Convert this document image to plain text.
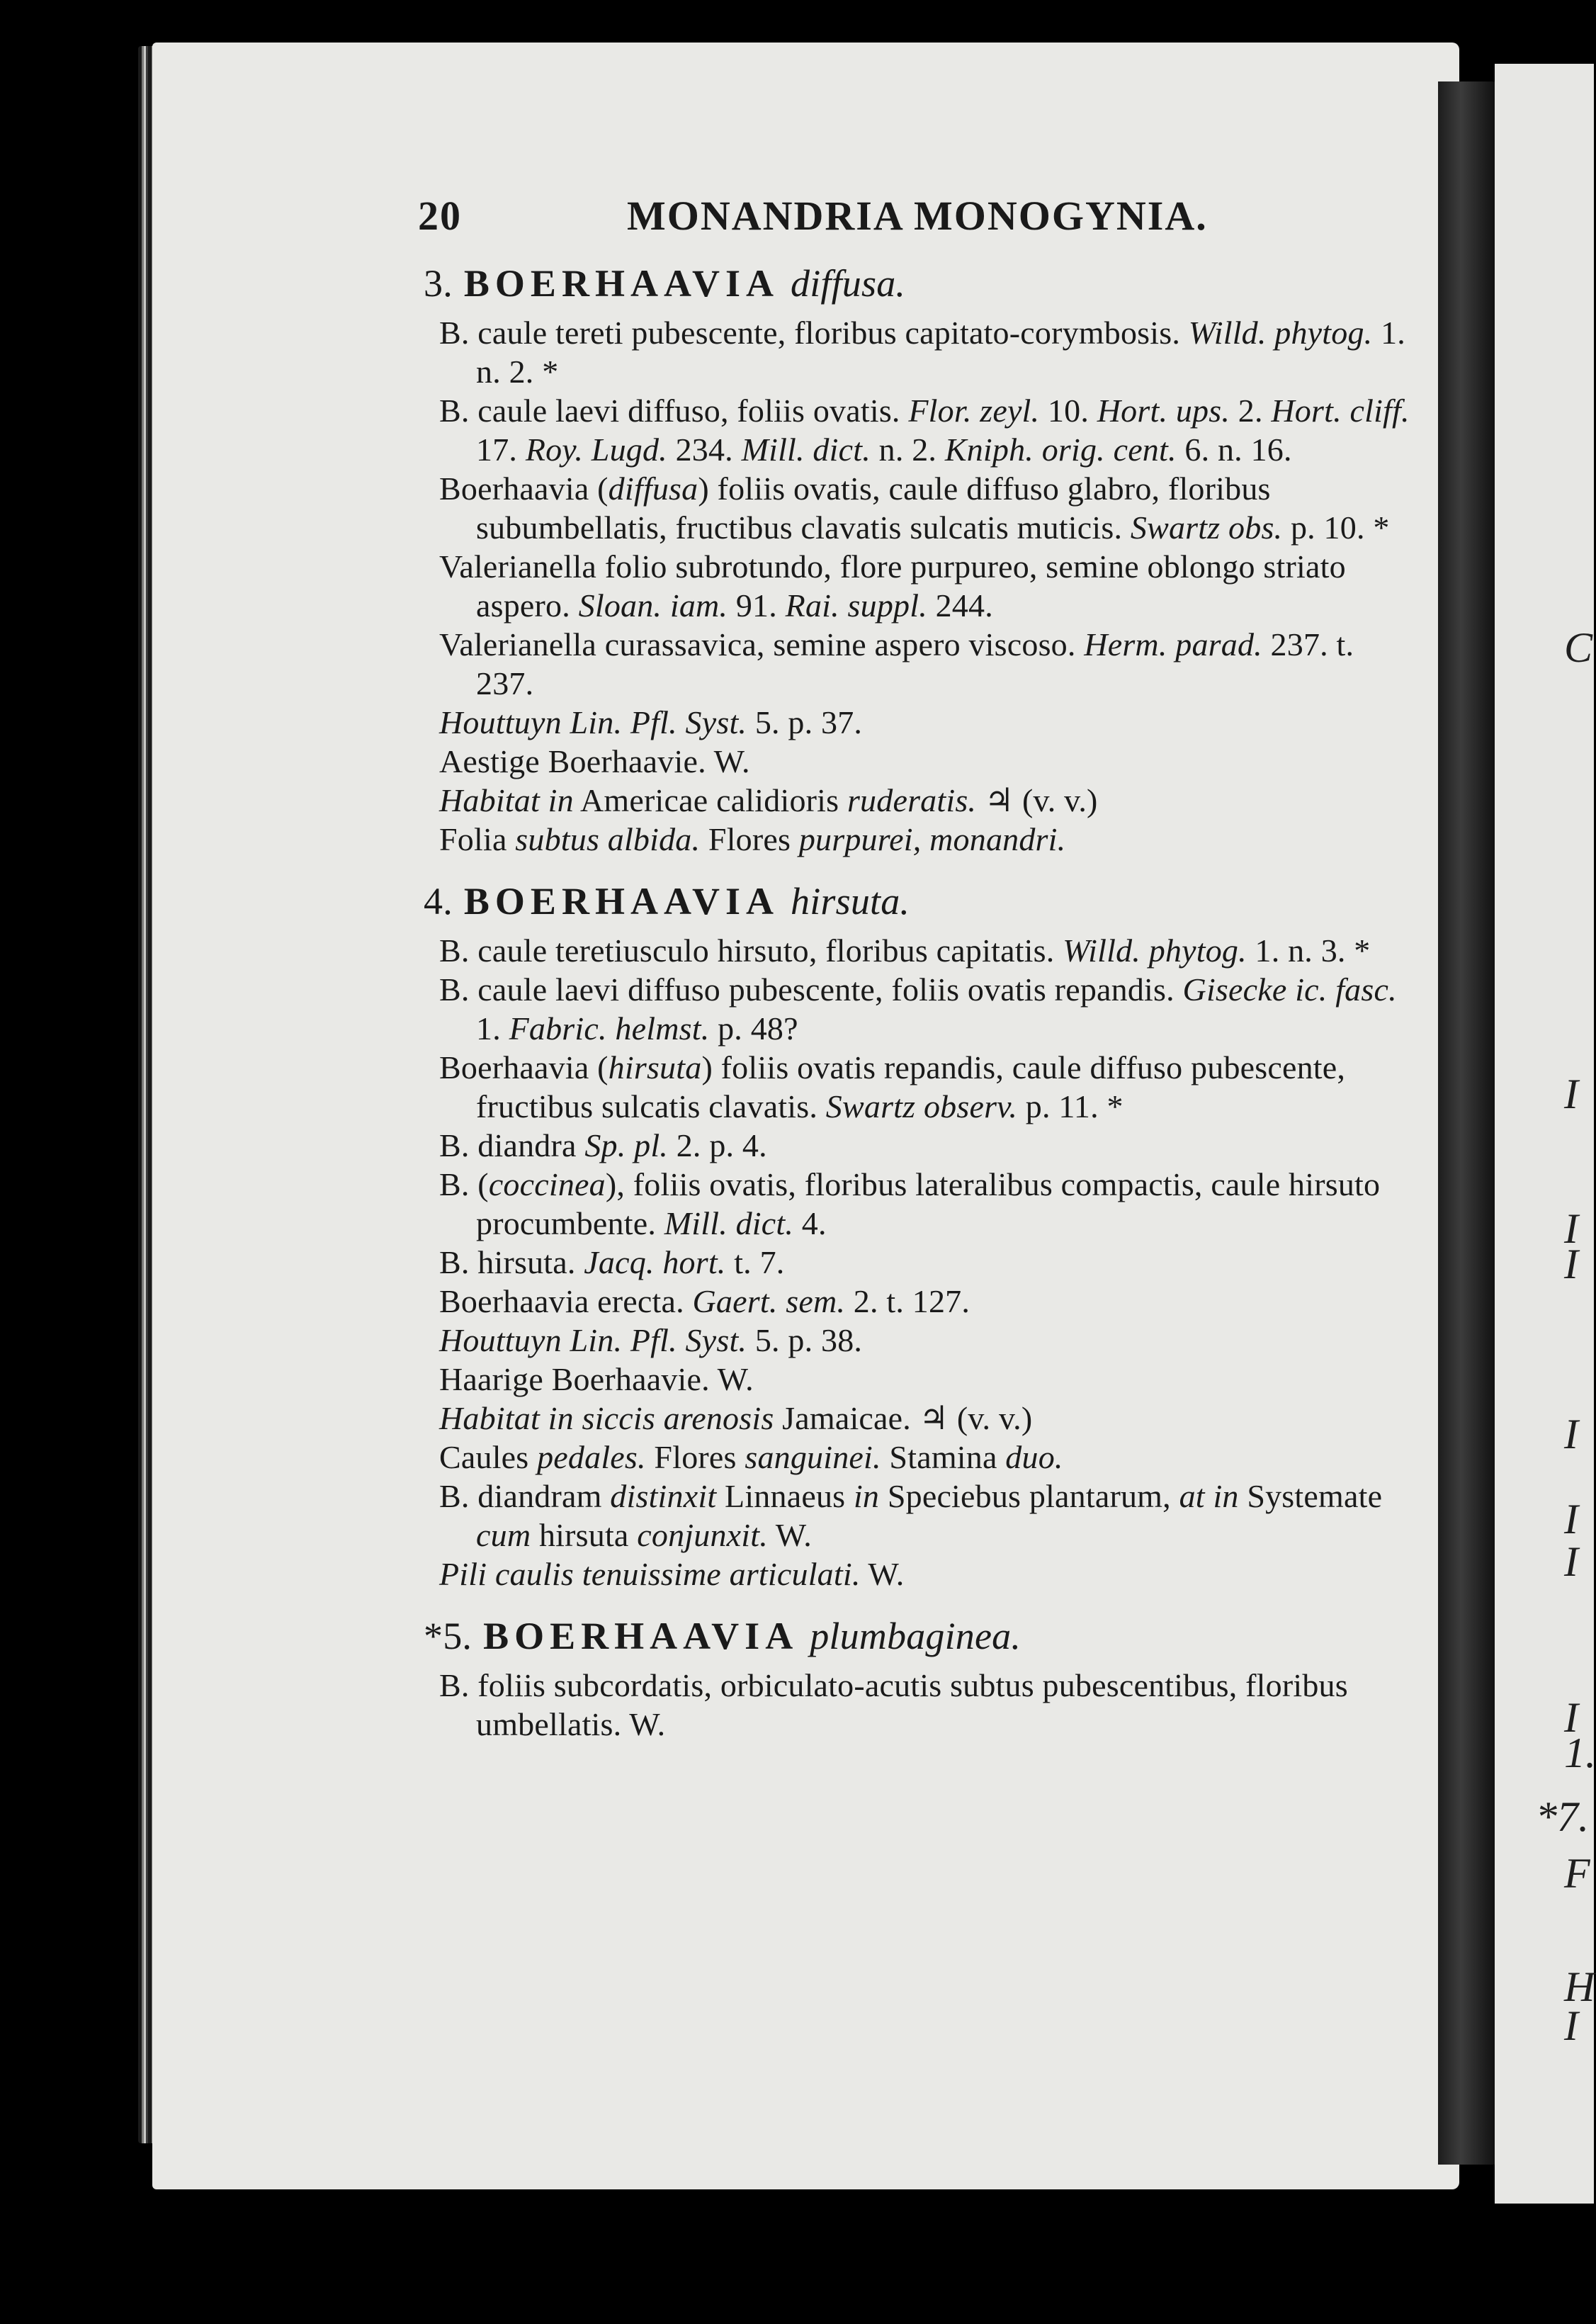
C
I
I
I
I
I
I
I
1.
*7.
F
H
I
20	MONANDRIA MONOGYNIA.
3. BOERHAAVIA diffusa.
B. caule tereti pubescente, floribus capitato-corymbosis. Willd. phytog. 1. n. 2. *
B. caule laevi diffuso, foliis ovatis. Flor. zeyl. 10. Hort. ups. 2. Hort. cliff. 17. Roy. Lugd. 234. Mill. dict. n. 2. Kniph. orig. cent. 6. n. 16.
Boerhaavia (diffusa) foliis ovatis, caule diffuso glabro, floribus subumbellatis, fructibus clavatis sulcatis muticis. Swartz obs. p. 10. *
Valerianella folio subrotundo, flore purpureo, semine oblongo striato aspero. Sloan. iam. 91. Rai. suppl. 244.
Valerianella curassavica, semine aspero viscoso. Herm. parad. 237. t. 237.
Houttuyn Lin. Pfl. Syst. 5. p. 37.
Aestige Boerhaavie. W.
Habitat in Americae calidioris ruderatis. ♃ (v. v.)
Folia subtus albida. Flores purpurei, monandri.
4. BOERHAAVIA hirsuta.
B. caule teretiusculo hirsuto, floribus capitatis. Willd. phytog. 1. n. 3. *
B. caule laevi diffuso pubescente, foliis ovatis repandis. Gisecke ic. fasc. 1. Fabric. helmst. p. 48?
Boerhaavia (hirsuta) foliis ovatis repandis, caule diffuso pubescente, fructibus sulcatis clavatis. Swartz observ. p. 11. *
B. diandra Sp. pl. 2. p. 4.
B. (coccinea), foliis ovatis, floribus lateralibus compactis, caule hirsuto procumbente. Mill. dict. 4.
B. hirsuta. Jacq. hort. t. 7.
Boerhaavia erecta. Gaert. sem. 2. t. 127.
Houttuyn Lin. Pfl. Syst. 5. p. 38.
Haarige Boerhaavie. W.
Habitat in siccis arenosis Jamaicae. ♃ (v. v.)
Caules pedales. Flores sanguinei. Stamina duo.
B. diandram distinxit Linnaeus in Speciebus plantarum, at in Systemate cum hirsuta conjunxit. W.
Pili caulis tenuissime articulati. W.
*5. BOERHAAVIA plumbaginea.
B. foliis subcordatis, orbiculato-acutis subtus pubescentibus, floribus umbellatis. W.
